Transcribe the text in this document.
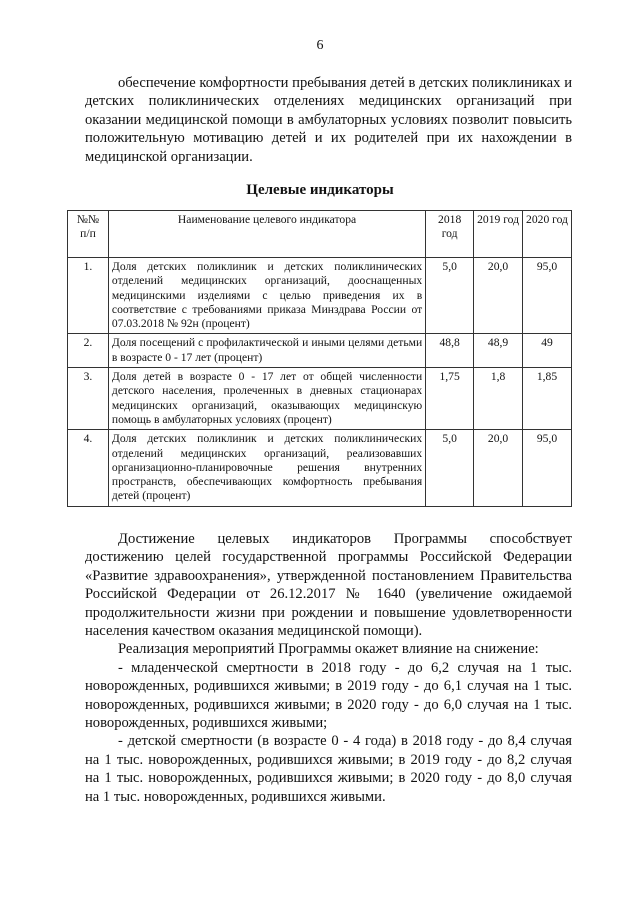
6
обеспечение комфортности пребывания детей в детских поликлиниках и детских поликлинических отделениях медицинских организаций при оказании медицинской помощи в амбулаторных условиях позволит повысить положительную мотивацию детей и их родителей при их нахождении в медицинской организации.
Целевые индикаторы
№№ п/п	Наименование целевого индикатора	2018 год	2019 год	2020 год
1.	Доля детских поликлиник и детских поликлинических отделений медицинских организаций, дооснащенных медицинскими изделиями с целью приведения их в соответствие с требованиями приказа Минздрава России от 07.03.2018 № 92н (процент)	5,0	20,0	95,0
2.	Доля посещений с профилактической и иными целями детьми в возрасте 0 - 17 лет (процент)	48,8	48,9	49
3.	Доля детей в возрасте 0 - 17 лет от общей численности детского населения, пролеченных в дневных стационарах медицинских организаций, оказывающих медицинскую помощь в амбулаторных условиях (процент)	1,75	1,8	1,85
4.	Доля детских поликлиник и детских поликлинических отделений медицинских организаций, реализовавших организационно-планировочные решения внутренних пространств, обеспечивающих комфортность пребывания детей (процент)	5,0	20,0	95,0

Достижение целевых индикаторов Программы способствует достижению целей государственной программы Российской Федерации «Развитие здравоохранения», утвержденной постановлением Правительства Российской Федерации от 26.12.2017 № 1640 (увеличение ожидаемой продолжительности жизни при рождении и повышение удовлетворенности населения качеством оказания медицинской помощи).

Реализация мероприятий Программы окажет влияние на снижение:

- младенческой смертности в 2018 году - до 6,2 случая на 1 тыс. новорожденных, родившихся живыми; в 2019 году - до 6,1 случая на 1 тыс. новорожденных, родившихся живыми; в 2020 году - до 6,0 случая на 1 тыс. новорожденных, родившихся живыми;

- детской смертности (в возрасте 0 - 4 года) в 2018 году - до 8,4 случая на 1 тыс. новорожденных, родившихся живыми; в 2019 году - до 8,2 случая на 1 тыс. новорожденных, родившихся живыми; в 2020 году - до 8,0 случая на 1 тыс. новорожденных, родившихся живыми.
